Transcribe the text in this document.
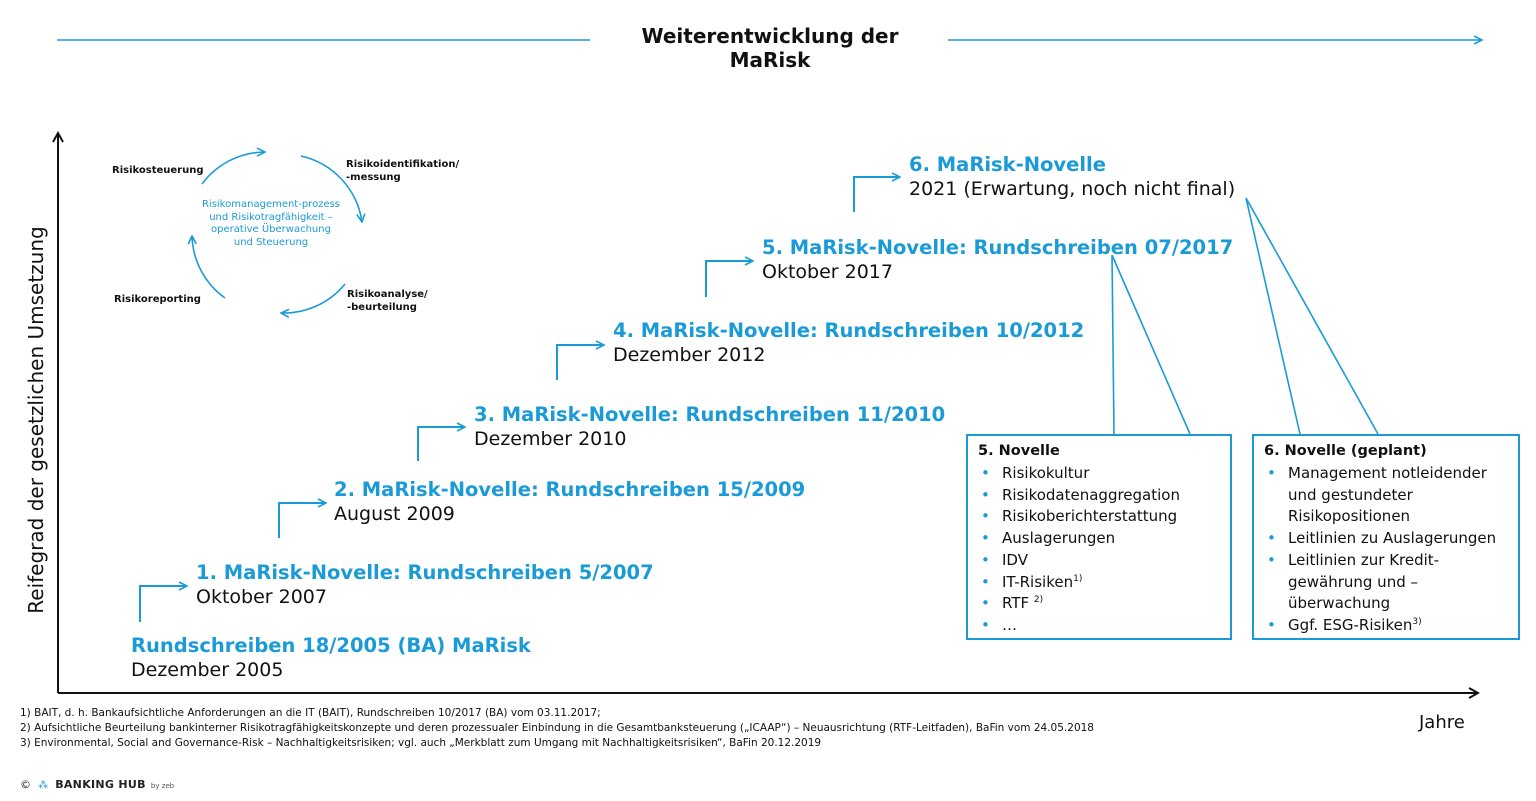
Weiterentwicklung der MaRisk
Reifegrad der gesetzlichen Umsetzung
Jahre
Risikosteuerung
Risikoidentifikation/
-messung
Risikoanalyse/
-beurteilung
Risikoreporting
Risikomanagement-prozess und Risikotragfähigkeit – operative Überwachung und Steuerung
Rundschreiben 18/2005 (BA) MaRisk
Dezember 2005
1. MaRisk-Novelle: Rundschreiben 5/2007
Oktober 2007
2. MaRisk-Novelle: Rundschreiben 15/2009
August 2009
3. MaRisk-Novelle: Rundschreiben 11/2010
Dezember 2010
4. MaRisk-Novelle: Rundschreiben 10/2012
Dezember 2012
5. MaRisk-Novelle: Rundschreiben 07/2017
Oktober 2017
6. MaRisk-Novelle
2021 (Erwartung, noch nicht final)
5. Novelle
• Risikokultur
• Risikodatenaggregation
• Risikoberichterstattung
• Auslagerungen
• IDV
• IT-Risiken$^{1)}$
• RTF $^{2)}$
• …
6. Novelle (geplant)
• Management notleidender
und gestundeter
Risikopositionen
• Leitlinien zu Auslagerungen
• Leitlinien zur Kredit-
gewährung und –
überwachung
• Ggf. ESG-Risiken$^{3)}$
1) BAIT, d. h. Bankaufsichtliche Anforderungen an die IT (BAIT), Rundschreiben 10/2017 (BA) vom 03.11.2017;
2) Aufsichtliche Beurteilung bankinterner Risikotragfähigkeitskonzepte und deren prozessualer Einbindung in die Gesamtbanksteuerung („ICAAP“) – Neuausrichtung (RTF-Leitfaden), BaFin vom 24.05.2018
3) Environmental, Social and Governance-Risk – Nachhaltigkeitsrisiken; vgl. auch „Merkblatt zum Umgang mit Nachhaltigkeitsrisiken“, BaFin 20.12.2019
© ⁂ BANKING HUB by zeb
